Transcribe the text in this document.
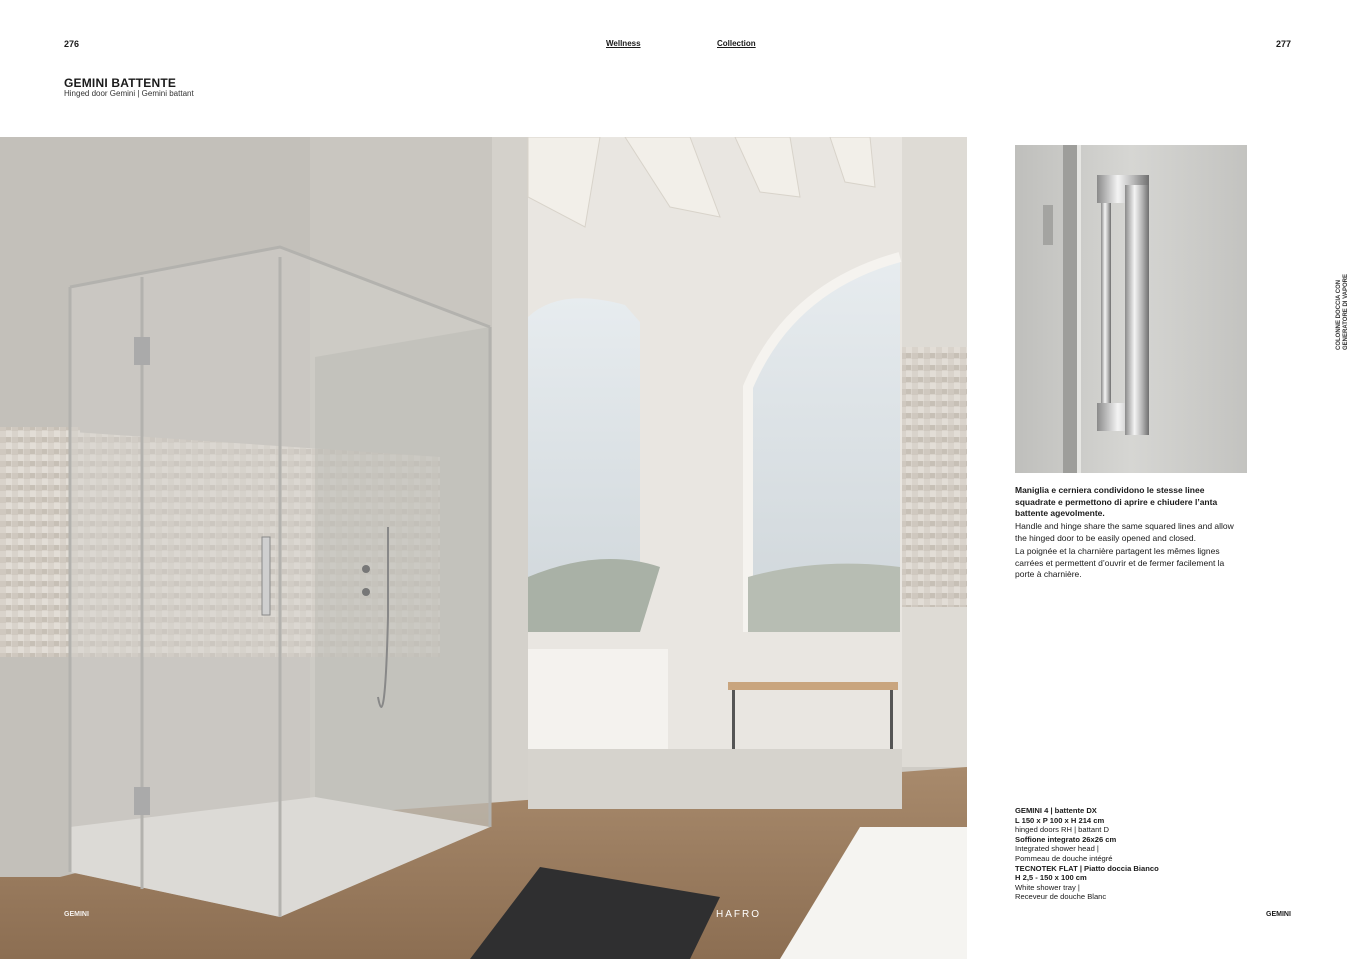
276	Wellness	Collection	277
GEMINI BATTENTE
Hinged door Gemini | Gemini battant
Maniglia e cerniera condividono le stesse linee squadrate e permettono di aprire e chiudere l’anta battente agevolmente.
Handle and hinge share the same squared lines and allow the hinged door to be easily opened and closed.
La poignée et la charnière partagent les mêmes lignes carrées et permettent d’ouvrir et de fermer facilement la porte à charnière.
GEMINI 4 | battente DX
L 150 x P 100 x H 214 cm
hinged doors RH | battant D
Soffione integrato 26x26 cm
Integrated shower head |
Pommeau de douche intégré
TECNOTEK FLAT | Piatto doccia Bianco
H 2,5 - 150 x 100 cm
White shower tray |
Receveur de douche Blanc
COLONNE DOCCIA CON GENERATORE DI VAPORE
GEMINI	HAFRO	GEMINI
